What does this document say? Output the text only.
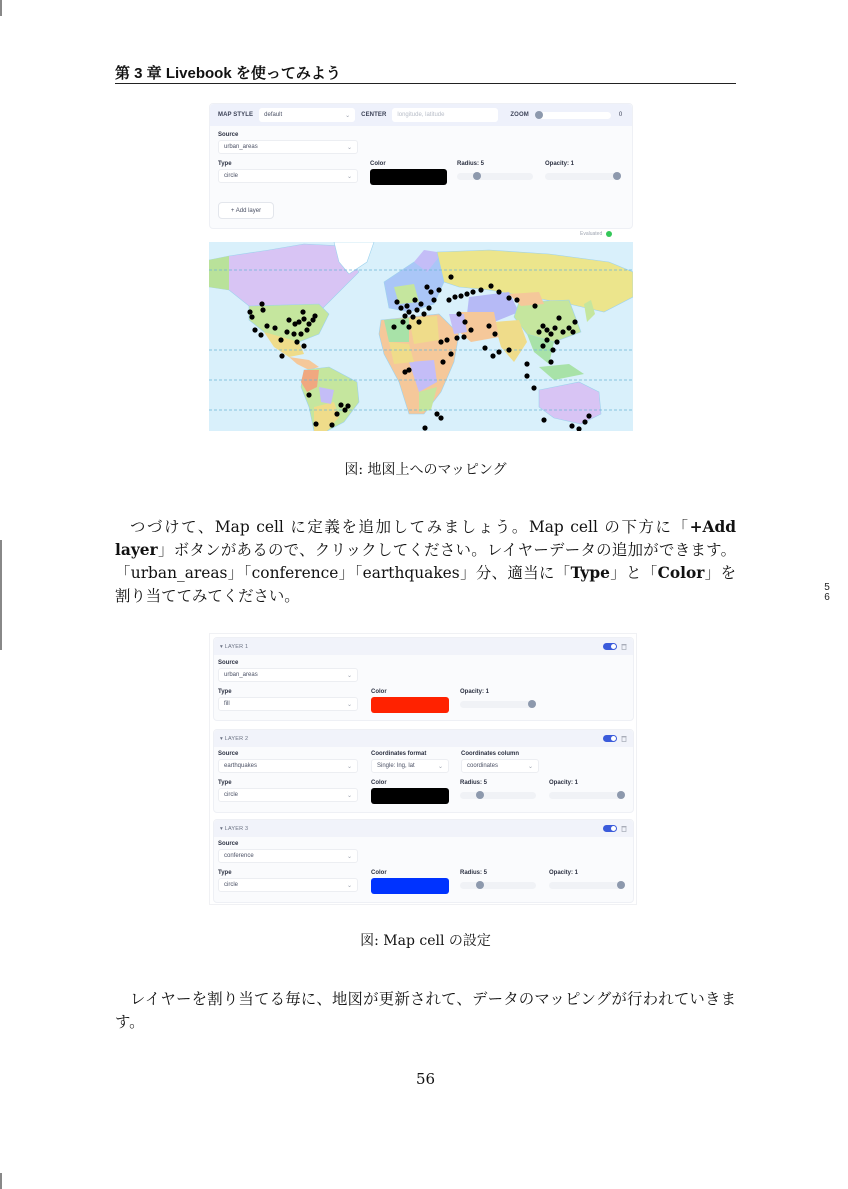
第 3 章 Livebook を使ってみよう
5
6
MAP STYLE default	⌄ CENTER longitude, latitude	ZOOM	0
Source
urban_areas	⌄
Type
circle	⌄
Color	Radius: 5	Opacity: 1
+ Add layer
Evaluated
図: 地図上へのマッピング
つづけて、Map cell に定義を追加してみましょう。Map cell の下方に「+Add layer」ボタンがあるので、クリックしてください。レイヤーデータの追加ができます。「urban_areas」「conference」「earthquakes」分、適当に「Type」と「Color」を割り当ててみてください。
▾ LAYER 1
Source
urban_areas	⌄
Type
fill	⌄
Color	Opacity: 1
▾ LAYER 2
Source
earthquakes	⌄
Coordinates format
Single: lng, lat	⌄
Coordinates column
coordinates	⌄
Type
circle	⌄
Color	Radius: 5	Opacity: 1
▾ LAYER 3
Source
conference	⌄
Type
circle	⌄
Color	Radius: 5	Opacity: 1
図: Map cell の設定
レイヤーを割り当てる毎に、地図が更新されて、データのマッピングが行われていきます。
56
